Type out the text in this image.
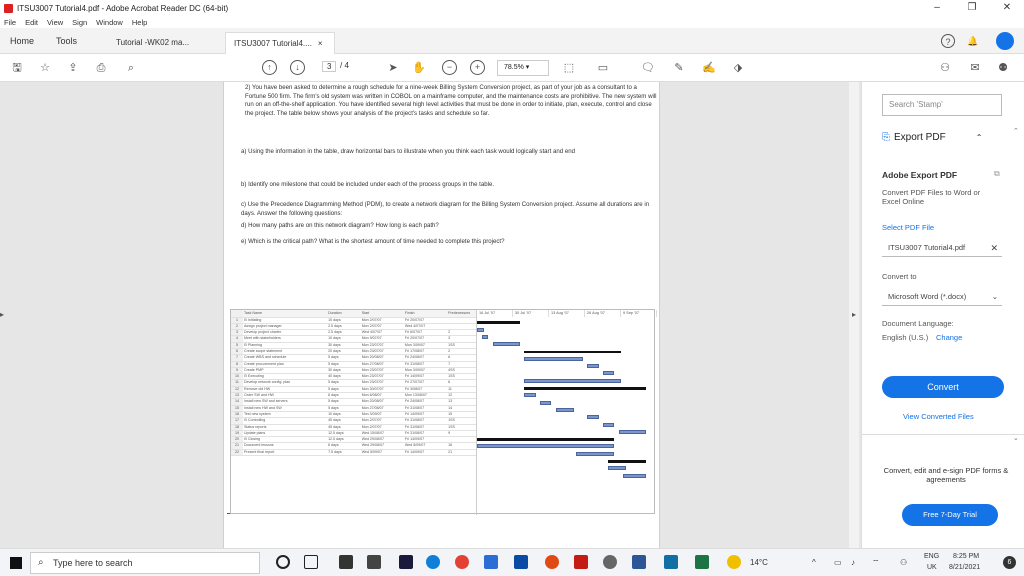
ITSU3007 Tutorial4.pdf - Adobe Acrobat Reader DC (64-bit)	–	❐	✕
File Edit View Sign Window Help
Home Tools	Tutorial -WK02 ma...	ITSU3007 Tutorial4.... ×	?	🔔
🖫 ☆ ⇪ ⎙	⌕	↑	↓	3	/ 4	➤ ✋	−	+	78.5% ▾	⬚ ▭	🗨 ✎ ✍ ⬗	⚇ ✉ ⚉
2) You have been asked to determine a rough schedule for a nine-week Billing System Conversion project, as part of your job as a consultant to a Fortune 500 firm. The firm's old system was written in COBOL on a mainframe computer, and the maintenance costs are prohibitive. The new system will run on an off-the-shelf application. You have identified several high level activities that must be done in order to initiate, plan, execute, control and close the project. The table below shows your analysis of the project's tasks and schedule so far.
a) Using the information in the table, draw horizontal bars to illustrate when you think each task would logically start and end
b) Identify one milestone that could be included under each of the process groups in the table.
c) Use the Precedence Diagramming Method (PDM), to create a network diagram for the Billing System Conversion project. Assume all durations are in days. Answer the following questions:
d) How many paths are on this network diagram? How long is each path?
e) Which is the critical path? What is the shortest amount of time needed to complete this project?
	Task Name	Duration	Start	Finish	Predecessors
1	⊟ Initiating	15 days	Mon 2/07/07	Fri 20/07/07	
2	Assign project manager	2.5 days	Mon 2/07/07	Wed 4/07/07	
3	Develop project charter	2.5 days	Wed 4/07/07	Fri 6/07/07	2
4	Meet with stakeholders	10 days	Mon 9/07/07	Fri 20/07/07	3
5	⊟ Planning	30 days	Mon 23/07/07	Mon 3/09/07	1SS
6	Create scope statement	20 days	Mon 23/07/07	Fri 17/08/07	2
7	Create WBS and schedule	5 days	Mon 20/08/07	Fri 24/08/07	6
8	Create procurement plan	5 days	Mon 27/08/07	Fri 31/08/07	7
9	Create PMP	30 days	Mon 23/07/07	Mon 3/09/07	4SS
10	⊟ Executing	40 days	Mon 23/07/07	Fri 14/09/07	1SS
11	Develop network config. plan	5 days	Mon 23/07/07	Fri 27/07/07	6
12	Remove old HW	5 days	Mon 30/07/07	Fri 3/08/07	11
13	Order SW and HW	6 days	Mon 6/08/07	Mon 13/08/07	12
14	Install new SW and servers	5 days	Mon 20/08/07	Fri 24/08/07	13
15	Install new HW and SW	5 days	Mon 27/08/07	Fri 31/08/07	14
16	Test new system	10 days	Mon 3/09/07	Fri 14/09/07	15
17	⊟ Controlling	45 days	Mon 2/07/07	Fri 31/08/07	1SS
18	Status reports	45 days	Mon 2/07/07	Fri 31/08/07	1SS
19	Update plans	12.5 days	Wed 15/08/07	Fri 31/08/07	9
20	⊟ Closing	12.5 days	Wed 29/08/07	Fri 14/09/07	
21	Document lessons	6 days	Wed 29/08/07	Wed 5/09/07	16
22	Present final report	7.5 days	Wed 5/09/07	Fri 14/09/07	21
16 Jul '07	30 Jul '07	13 Aug '07	26 Aug '07	9 Sep '07
▸	▸
Search 'Stamp'
⎘ Export PDF	⌃
Adobe Export PDF	⧉
Convert PDF Files to Word or Excel Online
Select PDF File
ITSU3007 Tutorial4.pdf	✕
Convert to
Microsoft Word (*.docx)	⌄
Document Language:
English (U.S.) Change
Convert
View Converted Files
Convert, edit and e-sign PDF forms & agreements
Free 7-Day Trial
⌃
⌄
⌕ Type here to search	14°C	^ ▭ ♪ ⌔	⚇
ENG
UK
8:25 PM
8/21/2021
6
